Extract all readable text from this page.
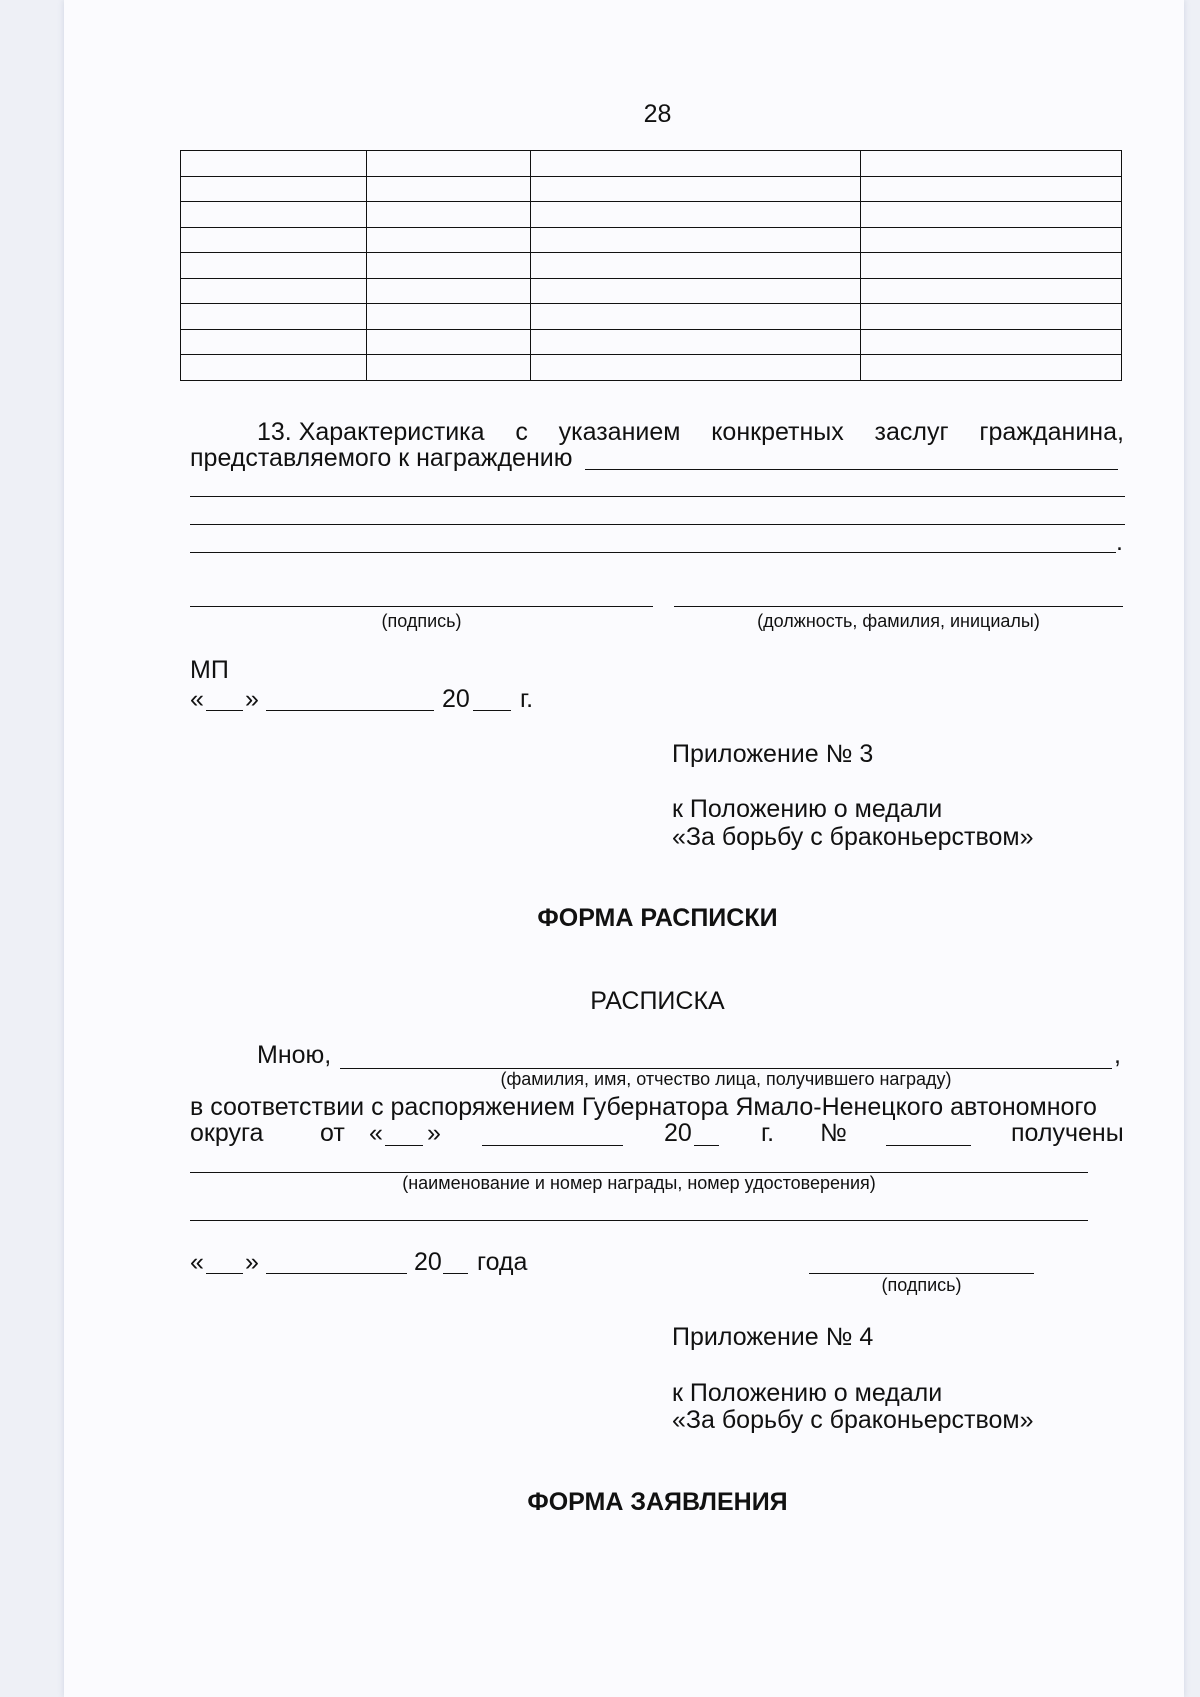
28

13. Характеристика с указанием конкретных заслуг гражданина,
представляемого к награждению
.
(подпись)	(должность, фамилия, инициалы)
МП
« »	20 г.
Приложение № 3
к Положению о медали
«За борьбу с браконьерством»
ФОРМА РАСПИСКИ
РАСПИСКА
Мною,	,
(фамилия, имя, отчество лица, получившего награду)
в соответствии с распоряжением Губернатора Ямало-Ненецкого автономного
округа от « »	20	г. №	получены
(наименование и номер награды, номер удостоверения)
« »	20 года
(подпись)
Приложение № 4
к Положению о медали
«За борьбу с браконьерством»
ФОРМА ЗАЯВЛЕНИЯ
